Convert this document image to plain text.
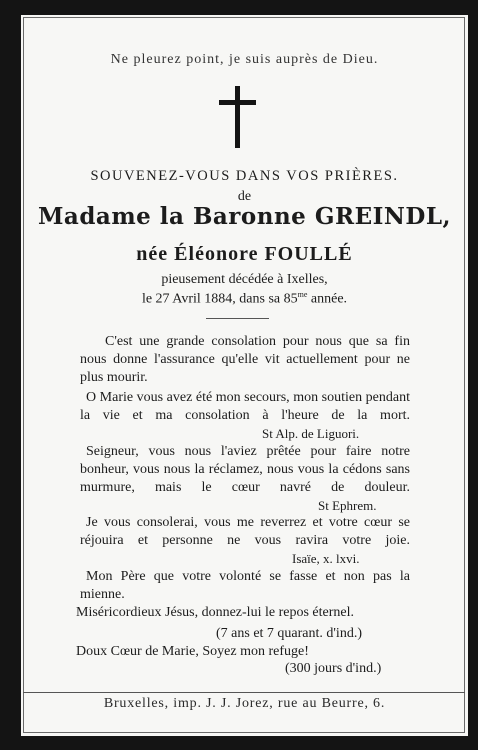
Ne pleurez point, je suis auprès de Dieu.
SOUVENEZ-VOUS DANS VOS PRIÈRES.
de
Madame la Baronne GREINDL,
née Éléonore FOULLÉ
pieusement décédée à Ixelles,
le 27 Avril 1884, dans sa $85^{me}$ année.
C'est une grande consolation pour nous que sa fin nous donne l'assurance qu'elle vit actuellement pour ne plus mourir.
O Marie vous avez été mon secours, mon soutien pendant la vie et ma consolation à l'heure de la mort.
St Alp. de Liguori.
Seigneur, vous nous l'aviez prêtée pour faire notre bonheur, vous nous la réclamez, nous vous la cédons sans murmure, mais le cœur navré de douleur.
St Ephrem.
Je vous consolerai, vous me reverrez et votre cœur se réjouira et personne ne vous ravira votre joie.
Isaïe, x. lxvi.
Mon Père que votre volonté se fasse et non pas la mienne.
Miséricordieux Jésus, donnez-lui le repos éternel.
(7 ans et 7 quarant. d'ind.)
Doux Cœur de Marie, Soyez mon refuge!
(300 jours d'ind.)
Bruxelles, imp. J. J. Jorez, rue au Beurre, 6.
